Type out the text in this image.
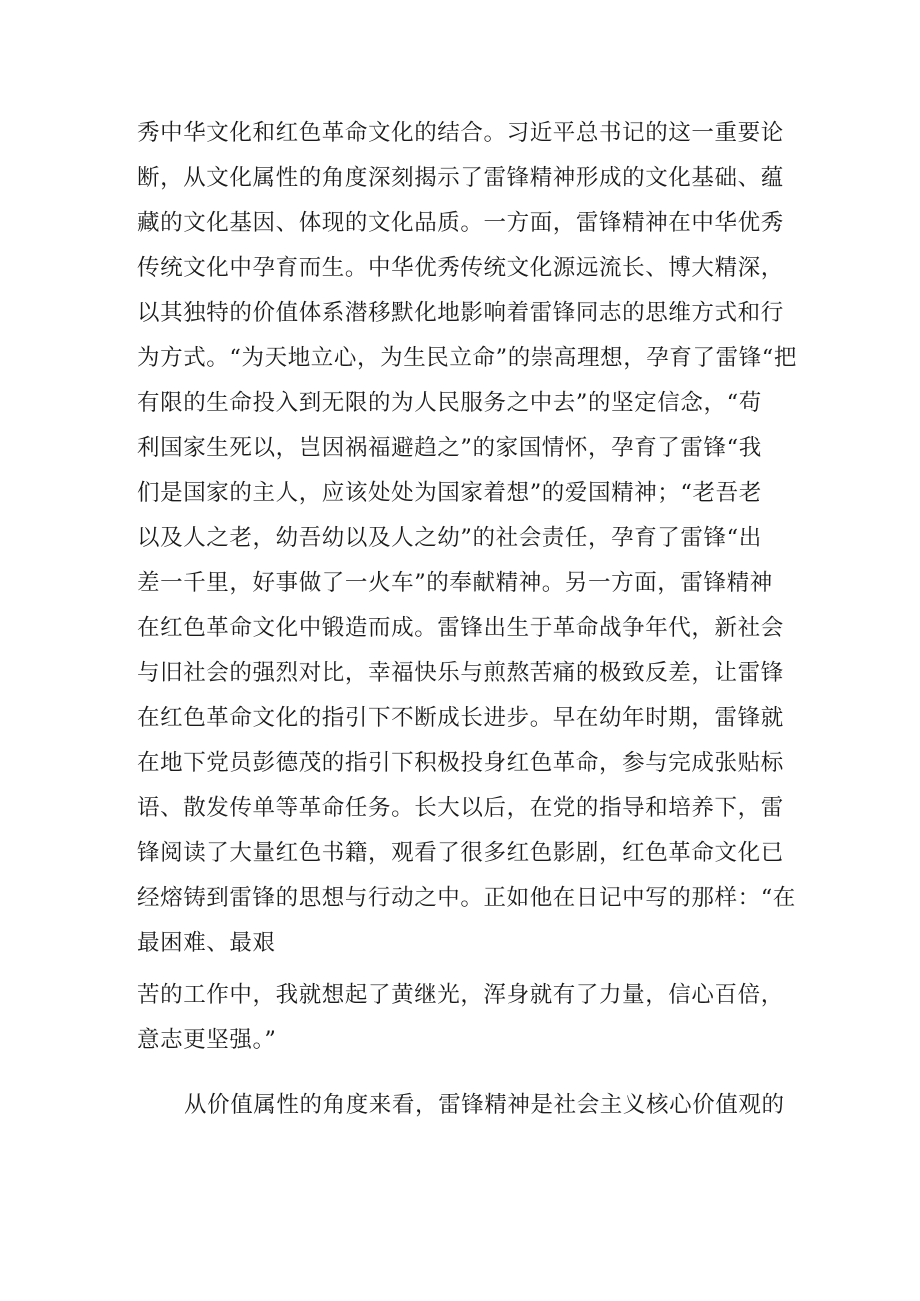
秀中华文化和红色革命文化的结合。习近平总书记的这一重要论
断，从文化属性的角度深刻揭示了雷锋精神形成的文化基础、蕴
藏的文化基因、体现的文化品质。一方面，雷锋精神在中华优秀
传统文化中孕育而生。中华优秀传统文化源远流长、博大精深，
以其独特的价值体系潜移默化地影响着雷锋同志的思维方式和行
为方式。“为天地立心，为生民立命”的崇高理想，孕育了雷锋“把
有限的生命投入到无限的为人民服务之中去”的坚定信念，“苟
利国家生死以，岂因祸福避趋之”的家国情怀，孕育了雷锋“我
们是国家的主人，应该处处为国家着想”的爱国精神；“老吾老
以及人之老，幼吾幼以及人之幼”的社会责任，孕育了雷锋“出
差一千里，好事做了一火车”的奉献精神。另一方面，雷锋精神
在红色革命文化中锻造而成。雷锋出生于革命战争年代，新社会
与旧社会的强烈对比，幸福快乐与煎熬苦痛的极致反差，让雷锋
在红色革命文化的指引下不断成长进步。早在幼年时期，雷锋就
在地下党员彭德茂的指引下积极投身红色革命，参与完成张贴标
语、散发传单等革命任务。长大以后，在党的指导和培养下，雷
锋阅读了大量红色书籍，观看了很多红色影剧，红色革命文化已
经熔铸到雷锋的思想与行动之中。正如他在日记中写的那样：“在
最困难、最艰
苦的工作中，我就想起了黄继光，浑身就有了力量，信心百倍，
意志更坚强。”
从价值属性的角度来看，雷锋精神是社会主义核心价值观的
